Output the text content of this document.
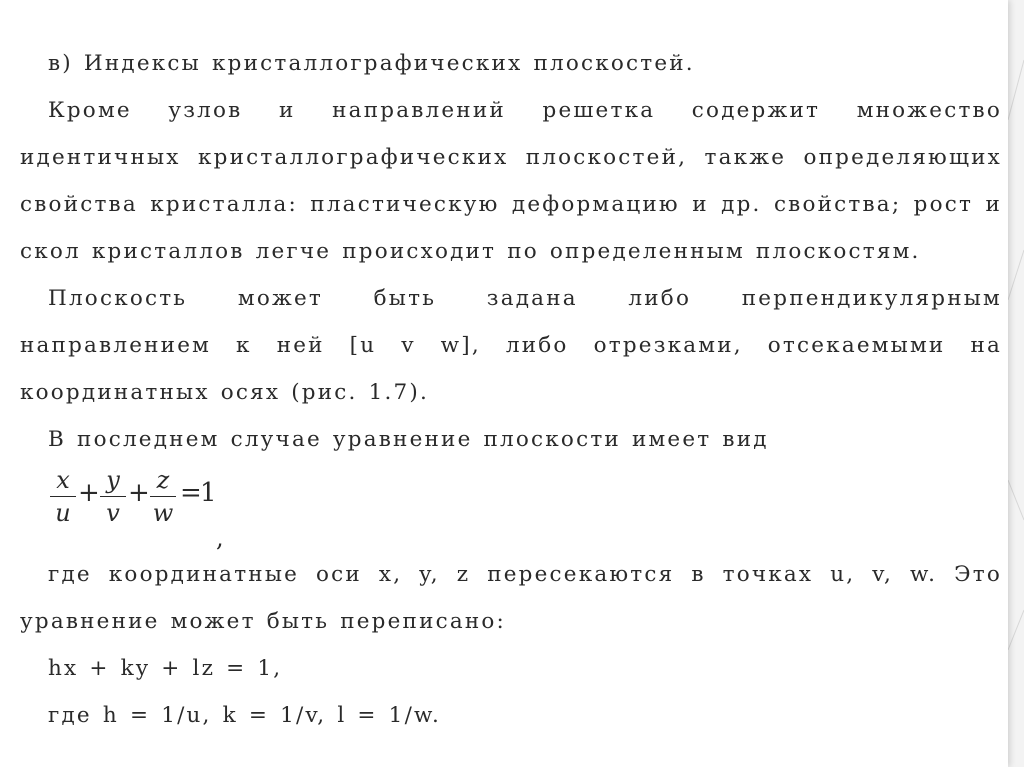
в) Индексы кристаллографических плоскостей.

Кроме узлов и направлений решетка содержит множество идентичных кристаллографических плоскостей, также определяющих свойства кристалла: пластическую деформацию и др. свойства; рост и скол кристаллов легче происходит по определенным плоскостям.

Плоскость может быть задана либо перпендикулярным направлением к ней [u v w], либо отрезками, отсекаемыми на координатных осях (рис. 1.7).

В последнем случае уравнение плоскости имеет вид

x
u
+ y
v
+ z
w
=
1
,

где координатные оси x, y, z пересекаются в точках u, v, w. Это уравнение может быть переписано:

hx + ky + lz = 1,

где h = 1/u, k = 1/v, l = 1/w.
